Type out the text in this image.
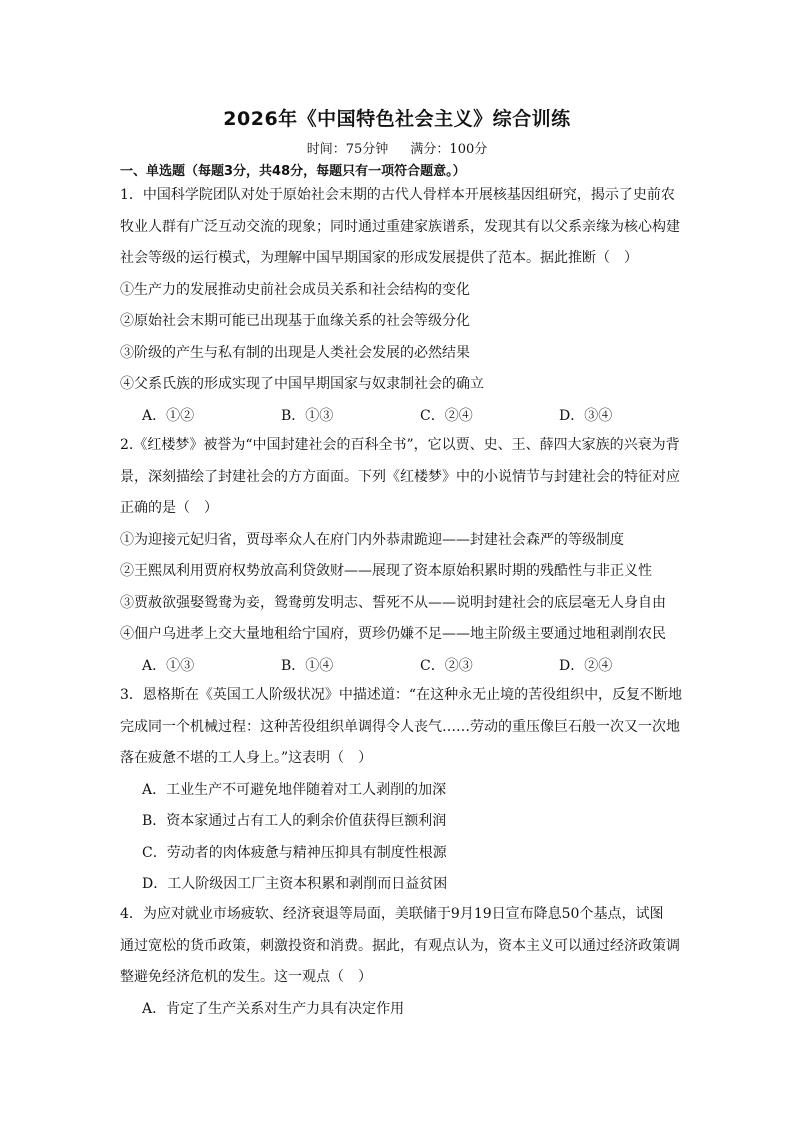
2026年《中国特色社会主义》综合训练
时间：75分钟 满分：100分
一、单选题（每题3分，共48分，每题只有一项符合题意。）
1．中国科学院团队对处于原始社会末期的古代人骨样本开展核基因组研究，揭示了史前农
牧业人群有广泛互动交流的现象；同时通过重建家族谱系，发现其有以父系亲缘为核心构建
社会等级的运行模式，为理解中国早期国家的形成发展提供了范本。据此推断（　）
①生产力的发展推动史前社会成员关系和社会结构的变化
②原始社会末期可能已出现基于血缘关系的社会等级分化
③阶级的产生与私有制的出现是人类社会发展的必然结果
④父系氏族的形成实现了中国早期国家与奴隶制社会的确立
A．①②	B．①③	C．②④	D．③④
2.《红楼梦》被誉为“中国封建社会的百科全书”，它以贾、史、王、薛四大家族的兴衰为背
景，深刻描绘了封建社会的方方面面。下列《红楼梦》中的小说情节与封建社会的特征对应
正确的是（　）
①为迎接元妃归省，贾母率众人在府门内外恭肃跪迎——封建社会森严的等级制度
②王熙凤利用贾府权势放高利贷敛财——展现了资本原始积累时期的残酷性与非正义性
③贾赦欲强娶鸳鸯为妾，鸳鸯剪发明志、誓死不从——说明封建社会的底层毫无人身自由
④佃户乌进孝上交大量地租给宁国府，贾珍仍嫌不足——地主阶级主要通过地租剥削农民
A．①③	B．①④	C．②③	D．②④
3．恩格斯在《英国工人阶级状况》中描述道：“在这种永无止境的苦役组织中，反复不断地
完成同一个机械过程：这种苦役组织单调得令人丧气……劳动的重压像巨石般一次又一次地
落在疲惫不堪的工人身上。”这表明（　）
A．工业生产不可避免地伴随着对工人剥削的加深
B．资本家通过占有工人的剩余价值获得巨额利润
C．劳动者的肉体疲惫与精神压抑具有制度性根源
D．工人阶级因工厂主资本积累和剥削而日益贫困
4．为应对就业市场疲软、经济衰退等局面，美联储于9月19日宣布降息50个基点，试图
通过宽松的货币政策，刺激投资和消费。据此，有观点认为，资本主义可以通过经济政策调
整避免经济危机的发生。这一观点（　）
A．肯定了生产关系对生产力具有决定作用
